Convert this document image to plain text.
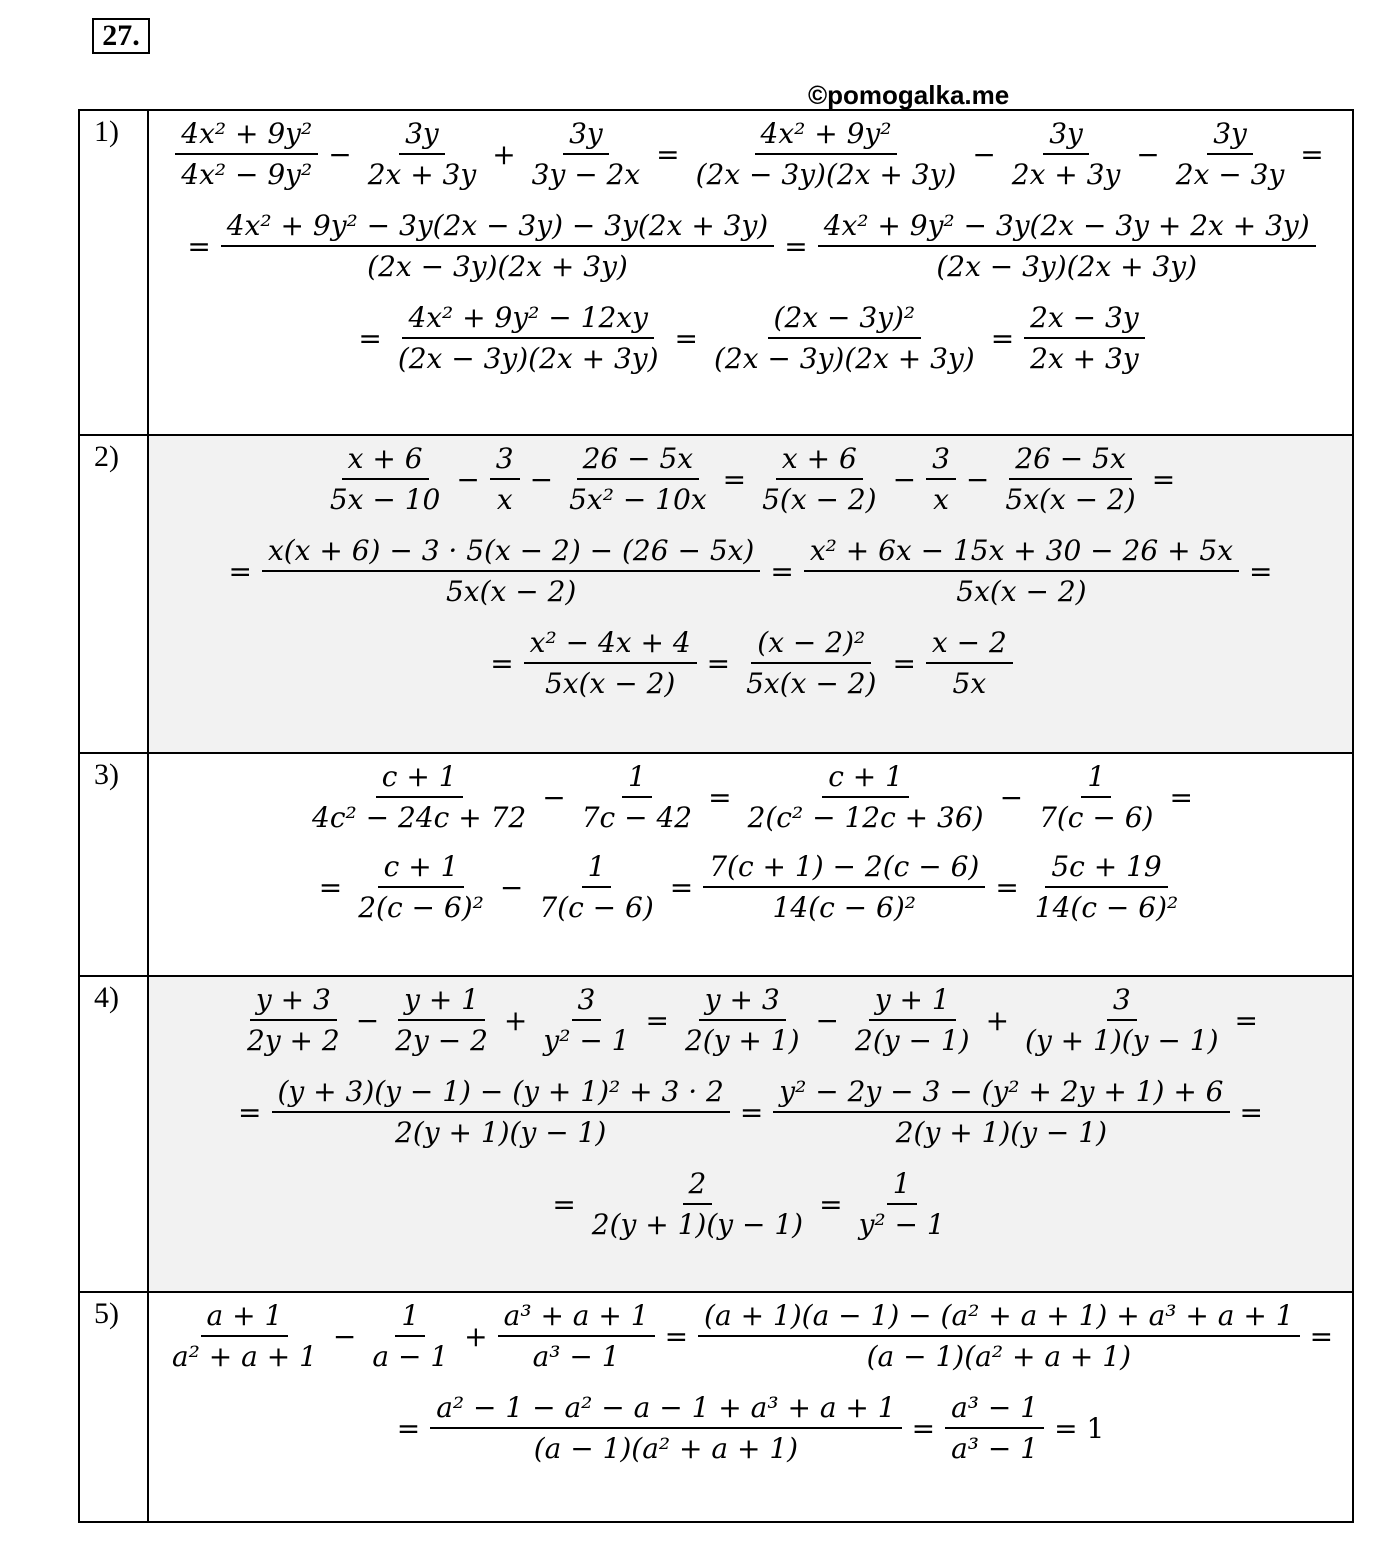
27.
©pomogalka.me
1)	$\frac{\text{4x² + 9y²}}{\text{4x² − 9y²}} - \frac{3y}{2x + 3y} + \frac{3y}{3y - 2x} = \frac{\text{4x² + 9y²}}{(2x - 3y)(2x + 3y)} - \frac{3y}{2x + 3y} - \frac{3y}{2x - 3y}$ =
= $\frac{\text{4x² + 9y² − 3y(2x − 3y) − 3y(2x + 3y)}}{(2x - 3y)(2x + 3y)} = \frac{\text{4x² + 9y² − 3y(2x − 3y + 2x + 3y)}}{(2x - 3y)(2x + 3y)}$
= $\frac{\text{4x² + 9y² − 12xy}}{(2x - 3y)(2x + 3y)} = \frac{\text{(2x − 3y)²}}{(2x - 3y)(2x + 3y)} = \frac{2x - 3y}{2x + 3y}$
2)	$\frac{x + 6}{5x - 10} - \frac{3}{x} - \frac{26 - 5x}{\text{5x² − 10x}} = \frac{x + 6}{5(x - 2)} - \frac{3}{x} - \frac{26 - 5x}{5x(x - 2)}$ =
= $\frac{x(x + 6) - 3 \cdot 5(x - 2) - (26 - 5x)}{5x(x - 2)} = \frac{\text{x² + 6x − 15x + 30 − 26 + 5x}}{5x(x - 2)}$ =
= $\frac{\text{x² − 4x + 4}}{5x(x - 2)} = \frac{\text{(x − 2)²}}{5x(x - 2)} = \frac{x - 2}{5x}$
3)	$\frac{c + 1}{\text{4c² − 24c + 72}} - \frac{1}{7c - 42} = \frac{c + 1}{\text{2(c² − 12c + 36)}} - \frac{1}{7(c - 6)}$ =
= $\frac{c + 1}{\text{2(c − 6)²}} - \frac{1}{7(c - 6)} = \frac{7(c + 1) - 2(c - 6)}{\text{14(c − 6)²}} = \frac{5c + 19}{\text{14(c − 6)²}}$
4)	$\frac{y + 3}{2y + 2} - \frac{y + 1}{2y - 2} + \frac{3}{\text{y² − 1}} = \frac{y + 3}{2(y + 1)} - \frac{y + 1}{2(y - 1)} + \frac{3}{(y + 1)(y - 1)}$ =
= $\frac{\text{(y + 3)(y − 1) − (y + 1)² + 3 · 2}}{2(y + 1)(y - 1)} = \frac{\text{y² − 2y − 3 − (y² + 2y + 1) + 6}}{2(y + 1)(y - 1)}$ =
= $\frac{2}{2(y + 1)(y - 1)} = \frac{1}{\text{y² − 1}}$
5)	$\frac{a + 1}{\text{a² + a + 1}} - \frac{1}{a - 1} + \frac{\text{a³ + a + 1}}{\text{a³ − 1}} = \frac{\text{(a + 1)(a − 1) − (a² + a + 1) + a³ + a + 1}}{\text{(a − 1)(a² + a + 1)}}$ =
= $\frac{\text{a² − 1 − a² − a − 1 + a³ + a + 1}}{\text{(a − 1)(a² + a + 1)}} = \frac{\text{a³ − 1}}{\text{a³ − 1}} = 1$
